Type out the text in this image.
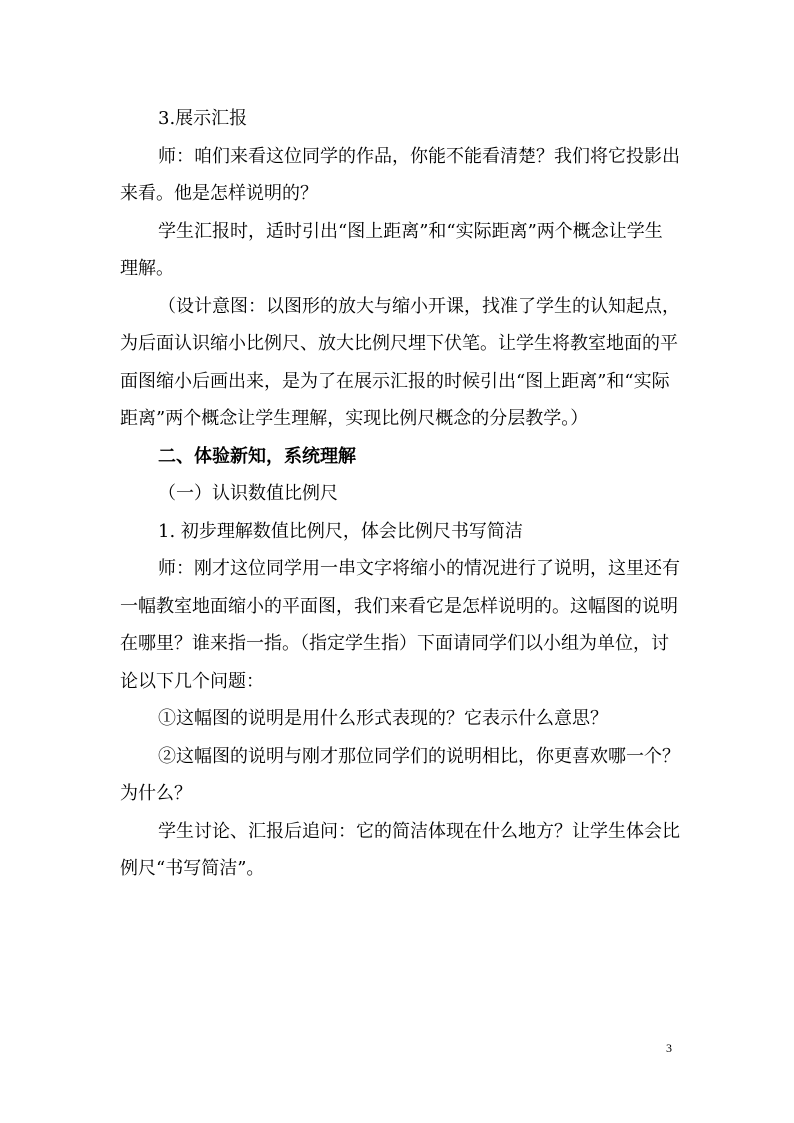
3.展示汇报

师：咱们来看这位同学的作品，你能不能看清楚？我们将它投影出来看。他是怎样说明的？

学生汇报时，适时引出“图上距离”和“实际距离”两个概念让学生理解。

（设计意图：以图形的放大与缩小开课，找准了学生的认知起点，为后面认识缩小比例尺、放大比例尺埋下伏笔。让学生将教室地面的平面图缩小后画出来，是为了在展示汇报的时候引出“图上距离”和“实际距离”两个概念让学生理解，实现比例尺概念的分层教学。）

二、体验新知，系统理解

（一）认识数值比例尺

1. 初步理解数值比例尺，体会比例尺书写简洁

师：刚才这位同学用一串文字将缩小的情况进行了说明，这里还有一幅教室地面缩小的平面图，我们来看它是怎样说明的。这幅图的说明在哪里？谁来指一指。（指定学生指）下面请同学们以小组为单位，讨论以下几个问题：

①这幅图的说明是用什么形式表现的？它表示什么意思？

②这幅图的说明与刚才那位同学们的说明相比，你更喜欢哪一个？为什么？

学生讨论、汇报后追问：它的简洁体现在什么地方？让学生体会比例尺“书写简洁”。

3
